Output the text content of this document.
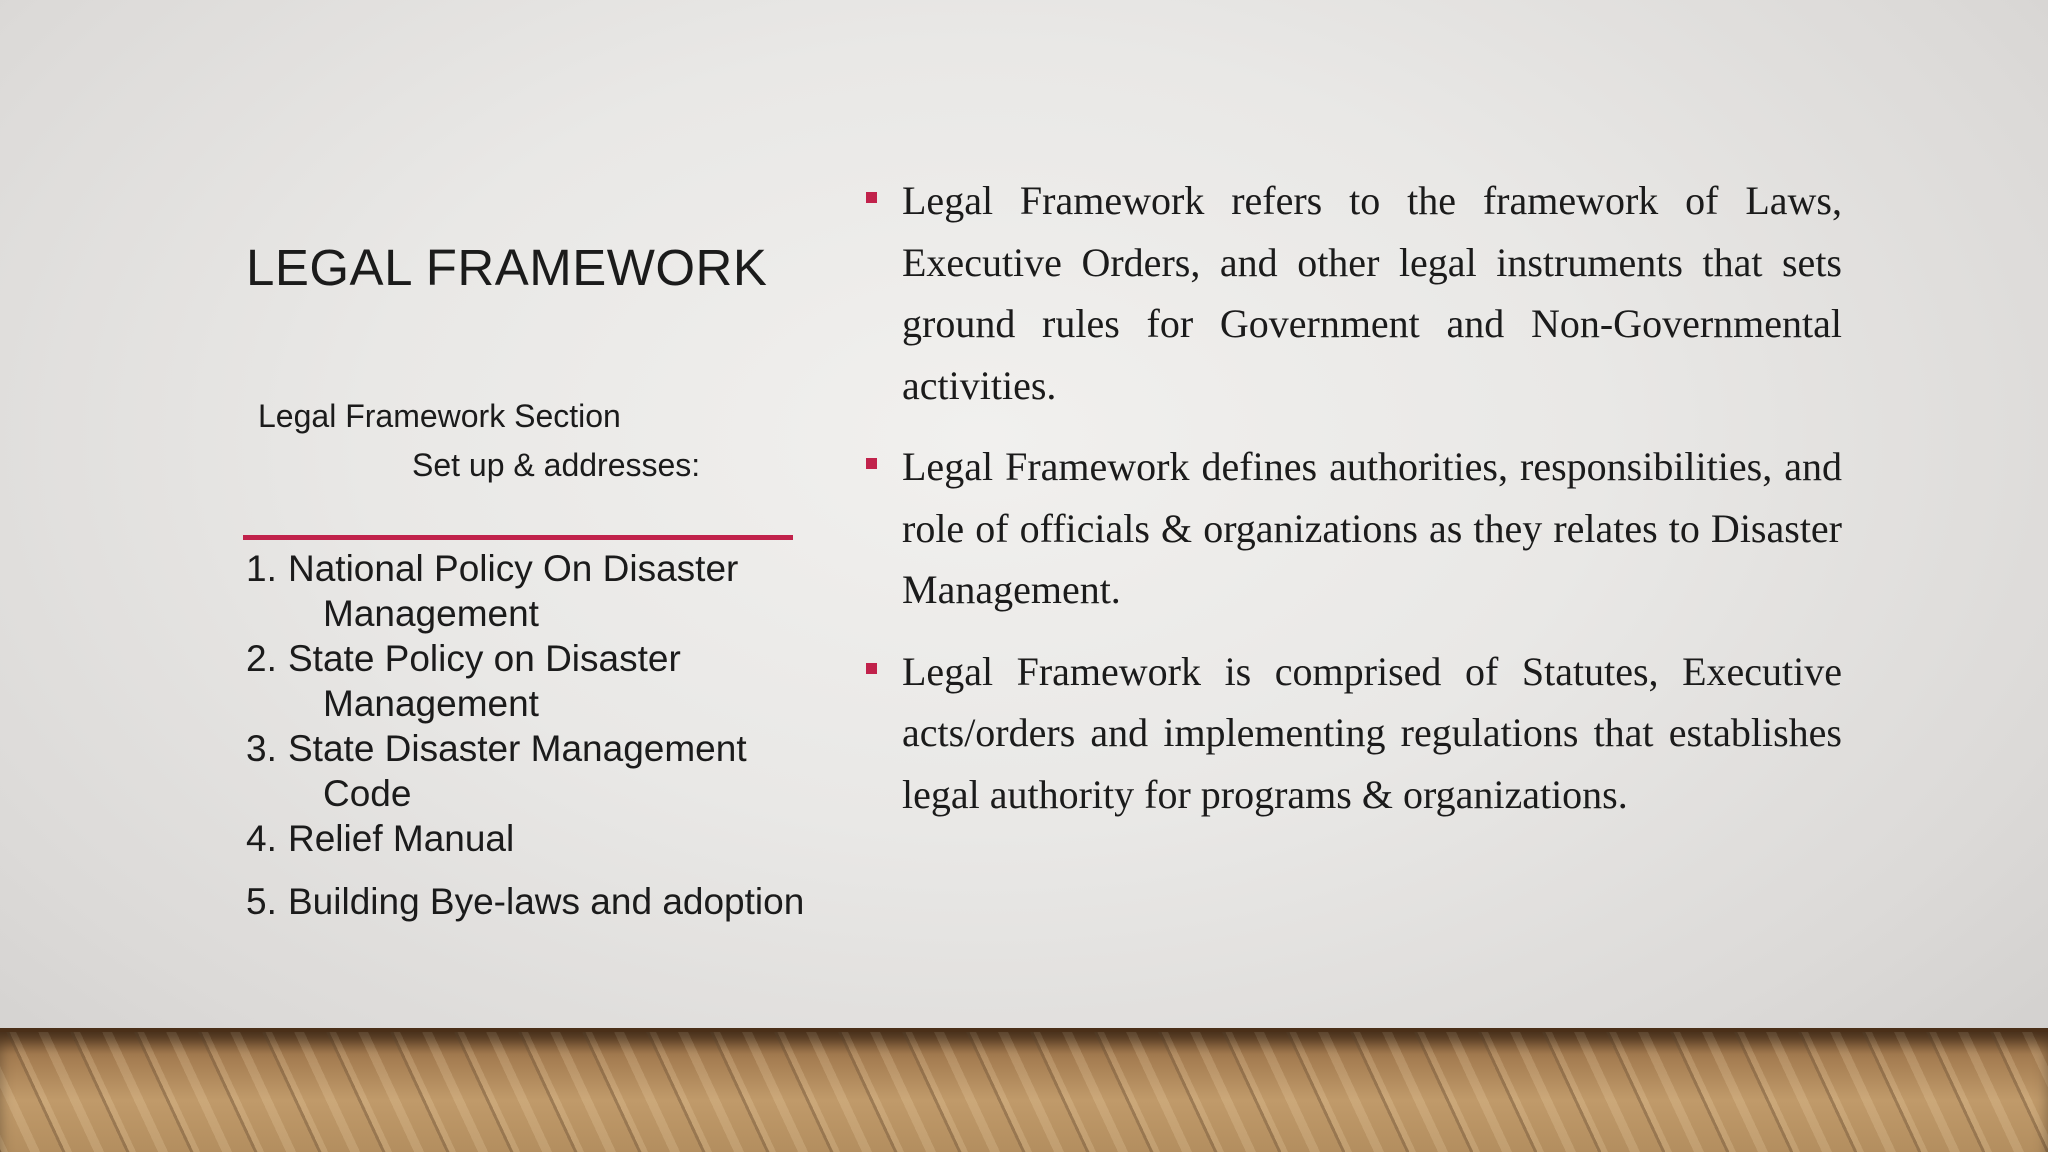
LEGAL FRAMEWORK
Legal Framework Section
Set up & addresses:
1. National Policy On Disaster Management
2. State Policy on Disaster Management
3. State Disaster Management Code
4. Relief Manual
5. Building Bye-laws and adoption
Legal Framework refers to the framework of Laws, Executive Orders, and other legal instruments that sets ground rules for Government and Non-Governmental activities.
Legal Framework defines authorities, responsibilities, and role of officials & organizations as they relates to Disaster Management.
Legal Framework is comprised of Statutes, Executive acts/orders and implementing regulations that establishes legal authority for programs & organizations.
